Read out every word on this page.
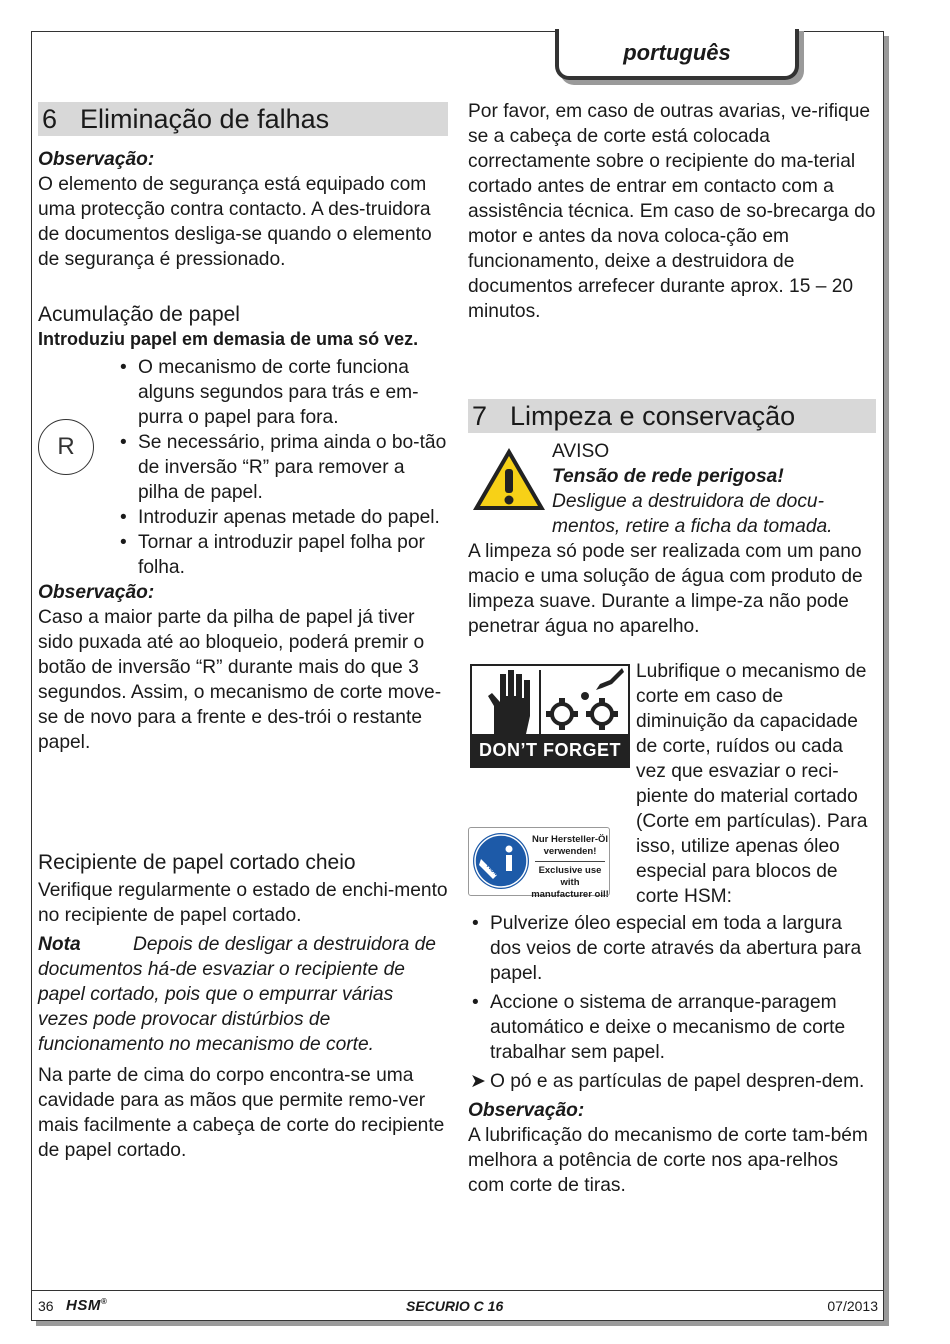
português
6 Eliminação de falhas

Observação:

O elemento de segurança está equipado com uma protecção contra contacto. A des-truidora de documentos desliga-se quando o elemento de segurança é pressionado.

Acumulação de papel

Introduziu papel em demasia de uma só vez.

• O mecanismo de corte funciona alguns segundos para trás e em-purra o papel para fora.
• Se necessário, prima ainda o bo-tão de inversão “R” para remover a pilha de papel.
• Introduzir apenas metade do papel.
• Tornar a introduzir papel folha por folha.

Observação:

Caso a maior parte da pilha de papel já tiver sido puxada até ao bloqueio, poderá premir o botão de inversão “R” durante mais do que 3 segundos. Assim, o mecanismo de corte move-se de novo para a frente e des-trói o restante papel.

Recipiente de papel cortado cheio

Verifique regularmente o estado de enchi-mento no recipiente de papel cortado.

Nota	Depois de desligar a destruidora de documentos há-de esvaziar o recipiente de papel cortado, pois que o empurrar várias vezes pode provocar distúrbios de funcionamento no mecanismo de corte.

Na parte de cima do corpo encontra-se uma cavidade para as mãos que permite remo-ver mais facilmente a cabeça de corte do recipiente de papel cortado.

R

Por favor, em caso de outras avarias, ve-rifique se a cabeça de corte está colocada correctamente sobre o recipiente do ma-terial cortado antes de entrar em contacto com a assistência técnica. Em caso de so-brecarga do motor e antes da nova coloca-ção em funcionamento, deixe a destruidora de documentos arrefecer durante aprox. 15 – 20 minutos.

7 Limpeza e conservação

AVISO

Tensão de rede perigosa!

Desligue a destruidora de docu-mentos, retire a ficha da tomada.

A limpeza só pode ser realizada com um pano macio e uma solução de água com produto de limpeza suave. Durante a limpe-za não pode penetrar água no aparelho.

Lubrifique o mecanismo de corte em caso de diminuição da capacidade de corte, ruídos ou cada vez que esvaziar o reci-piente do material cortado (Corte em partículas). Para isso, utilize apenas óleo especial para blocos de corte HSM:

• Pulverize óleo especial em toda a largura dos veios de corte através da abertura para papel.
• Accione o sistema de arranque-paragem automático e deixe o mecanismo de corte trabalhar sem papel.

➤ O pó e as partículas de papel despren-dem.

Observação:

A lubrificação do mecanismo de corte tam-bém melhora a potência de corte nos apa-relhos com corte de tiras.

DON’T FORGET
HSM
Nur Hersteller-Öl verwenden!
Exclusive use with manufacturer oil!
36 HSM®	SECURIO C 16	07/2013
